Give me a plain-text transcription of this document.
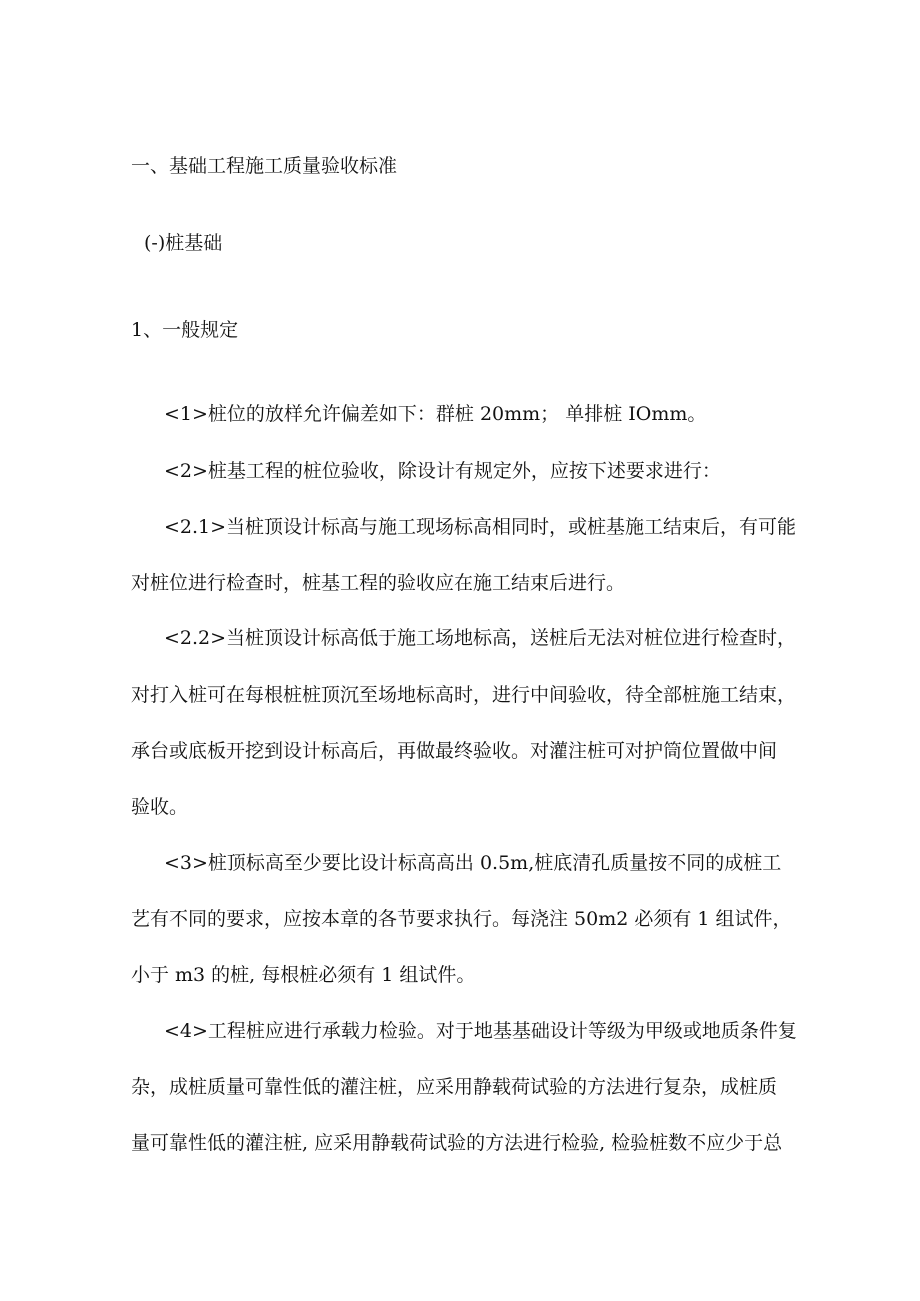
一、基础工程施工质量验收标准

(-)桩基础

1、一般规定

<1>桩位的放样允许偏差如下：群桩 20mm； 单排桩 IOmm。

<2>桩基工程的桩位验收，除设计有规定外，应按下述要求进行：

<2.1>当桩顶设计标高与施工现场标高相同时，或桩基施工结束后，有可能

对桩位进行检查时，桩基工程的验收应在施工结束后进行。

<2.2>当桩顶设计标高低于施工场地标高，送桩后无法对桩位进行检查时，

对打入桩可在每根桩桩顶沉至场地标高时，进行中间验收，待全部桩施工结束，

承台或底板开挖到设计标高后，再做最终验收。对灌注桩可对护筒位置做中间

验收。

<3>桩顶标高至少要比设计标高高出 0.5m,桩底清孔质量按不同的成桩工

艺有不同的要求，应按本章的各节要求执行。每浇注 50m2 必须有 1 组试件，

小于 m3 的桩, 每根桩必须有 1 组试件。

<4>工程桩应进行承载力检验。对于地基基础设计等级为甲级或地质条件复

杂，成桩质量可靠性低的灌注桩，应采用静载荷试验的方法进行复杂，成桩质

量可靠性低的灌注桩, 应采用静载荷试验的方法进行检验, 检验桩数不应少于总
